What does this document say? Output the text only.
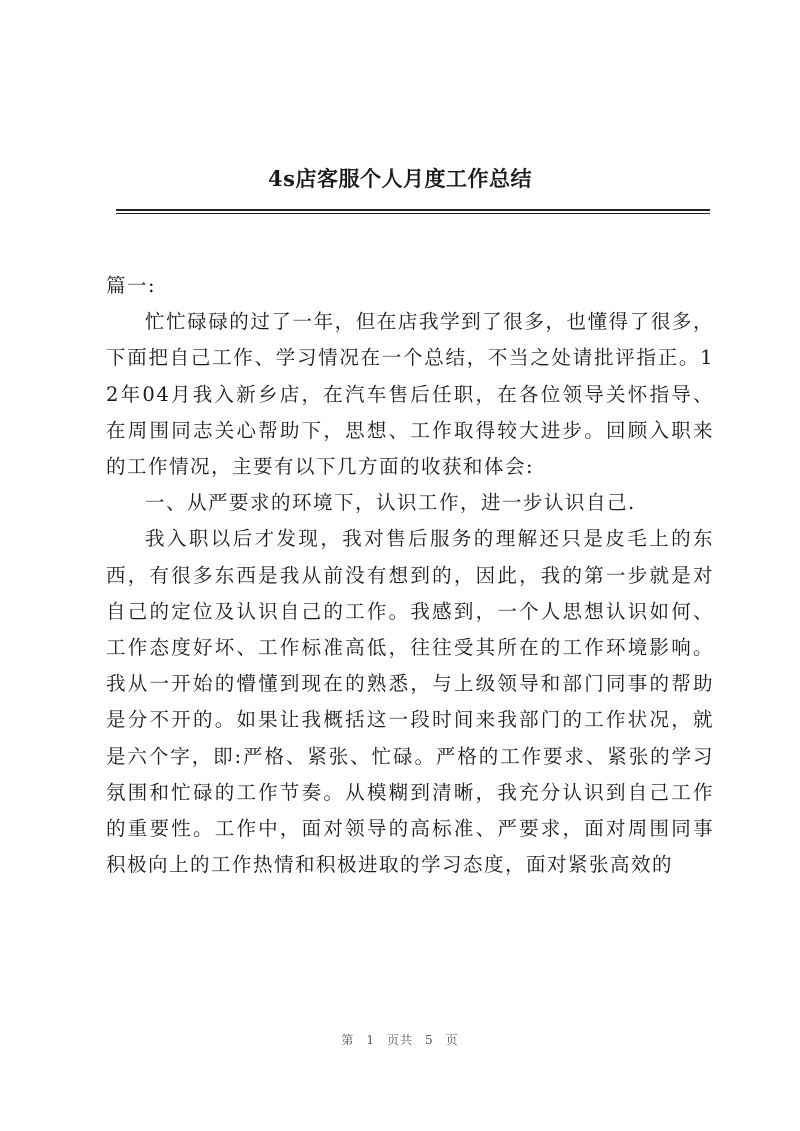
4s店客服个人月度工作总结

篇一:

忙忙碌碌的过了一年，但在店我学到了很多，也懂得了很多，下面把自己工作、学习情况在一个总结，不当之处请批评指正。12年04月我入新乡店，在汽车售后任职，在各位领导关怀指导、在周围同志关心帮助下，思想、工作取得较大进步。回顾入职来的工作情况，主要有以下几方面的收获和体会:

一、从严要求的环境下，认识工作，进一步认识自己.

我入职以后才发现，我对售后服务的理解还只是皮毛上的东西，有很多东西是我从前没有想到的，因此，我的第一步就是对自己的定位及认识自己的工作。我感到，一个人思想认识如何、工作态度好坏、工作标准高低，往往受其所在的工作环境影响。我从一开始的懵懂到现在的熟悉，与上级领导和部门同事的帮助是分不开的。如果让我概括这一段时间来我部门的工作状况，就是六个字，即:严格、紧张、忙碌。严格的工作要求、紧张的学习氛围和忙碌的工作节奏。从模糊到清晰，我充分认识到自己工作的重要性。工作中，面对领导的高标准、严要求，面对周围同事积极向上的工作热情和积极进取的学习态度，面对紧张高效的

第 1 页共 5 页
